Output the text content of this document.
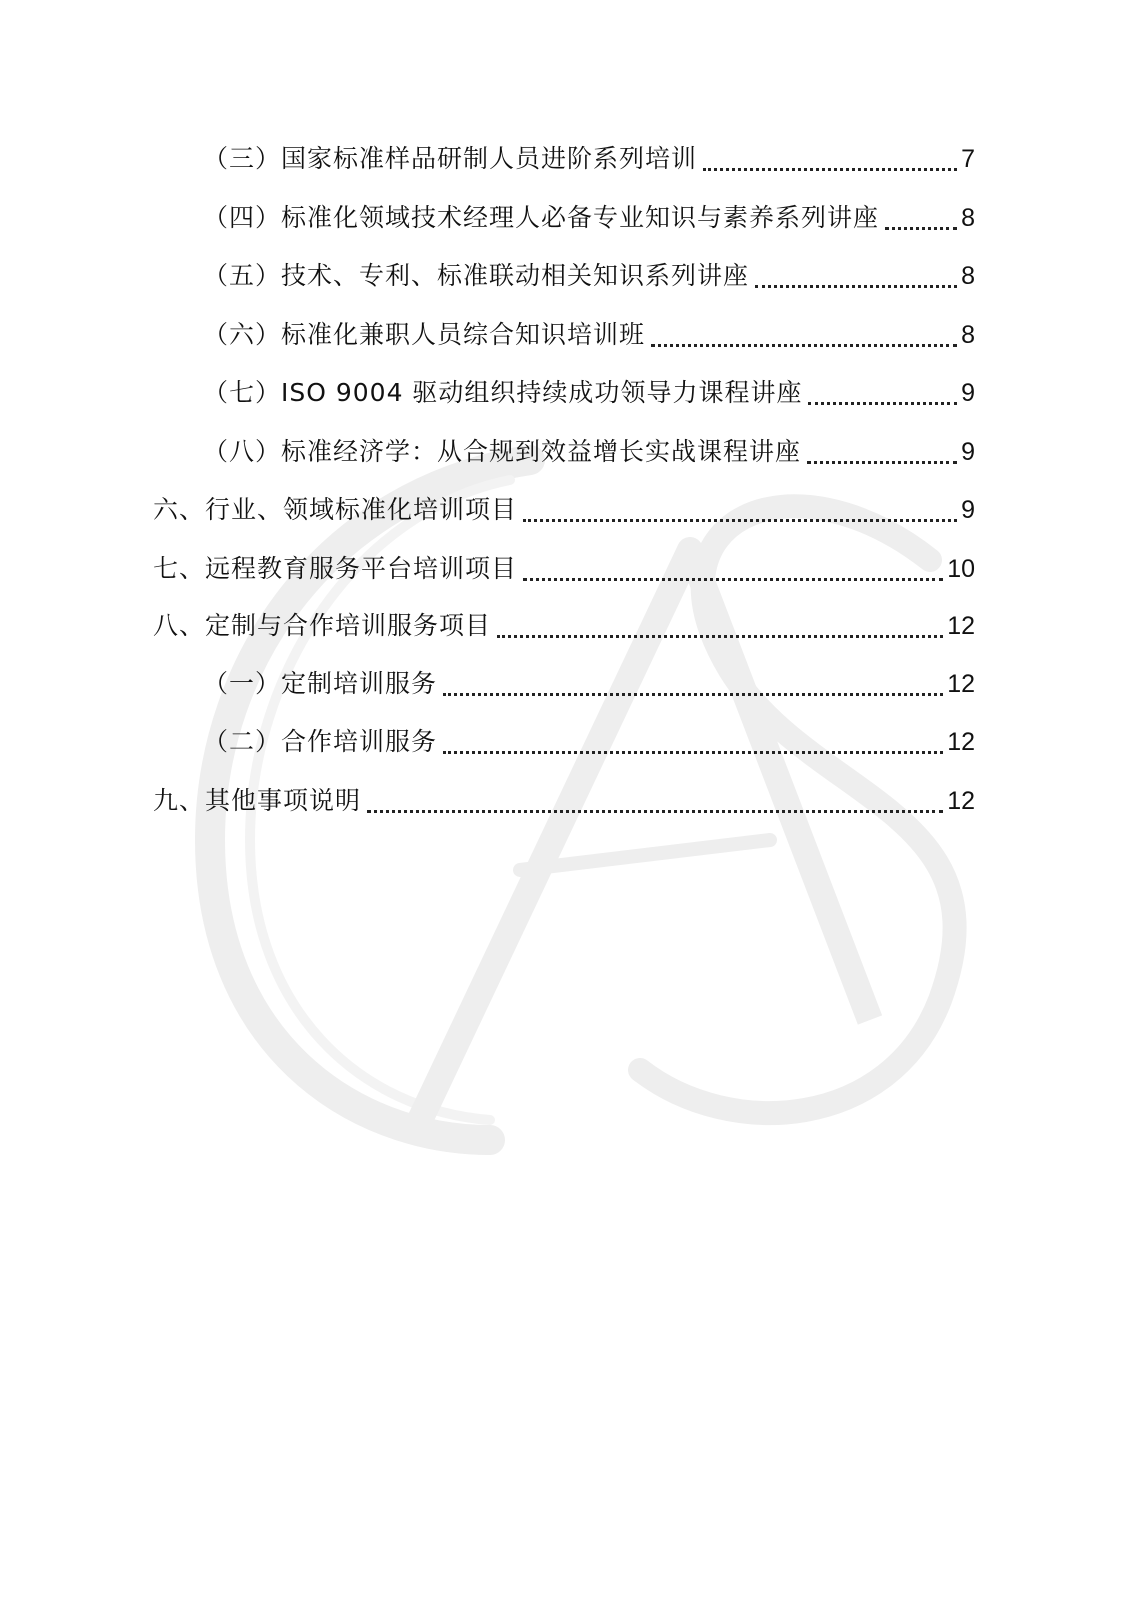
（三）国家标准样品研制人员进阶系列培训	7
（四）标准化领域技术经理人必备专业知识与素养系列讲座	8
（五）技术、专利、标准联动相关知识系列讲座	8
（六）标准化兼职人员综合知识培训班	8
（七）ISO 9004 驱动组织持续成功领导力课程讲座	9
（八）标准经济学：从合规到效益增长实战课程讲座	9
六、行业、领域标准化培训项目	9
七、远程教育服务平台培训项目	10
八、定制与合作培训服务项目	12
（一）定制培训服务	12
（二）合作培训服务	12
九、其他事项说明	12
